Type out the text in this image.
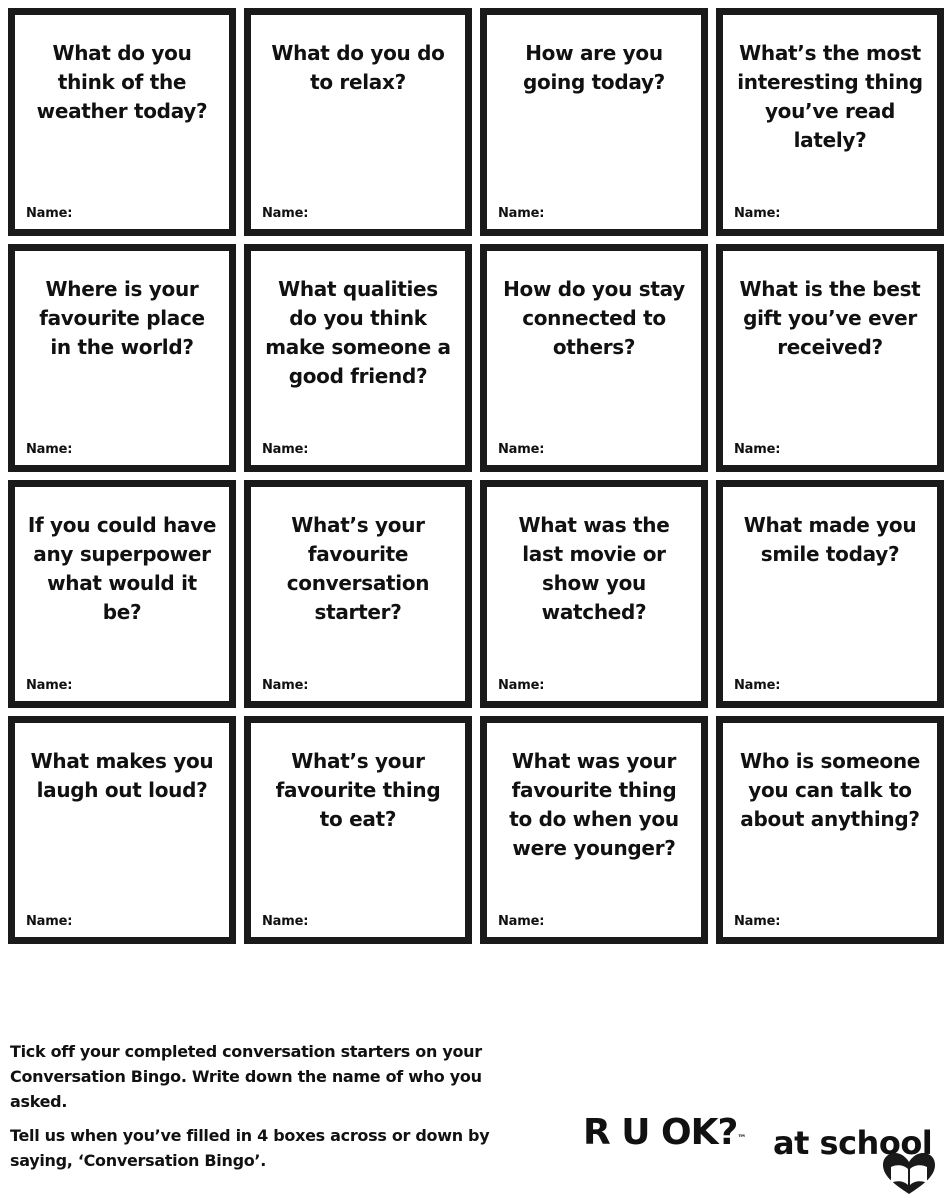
What do you think of the weather today?

Name:

What do you do to relax?

Name:

How are you going today?

Name:

What’s the most interesting thing you’ve read lately?

Name:

Where is your favourite place in the world?

Name:

What qualities do you think make someone a good friend?

Name:

How do you stay connected to others?

Name:

What is the best gift you’ve ever received?

Name:

If you could have any superpower what would it be?

Name:

What’s your favourite conversation starter?

Name:

What was the last movie or show you watched?

Name:

What made you smile today?

Name:

What makes you laugh out loud?

Name:

What’s your favourite thing to eat?

Name:

What was your favourite thing to do when you were younger?

Name:

Who is someone you can talk to about anything?

Name:

Tick off your completed conversation starters on your Conversation Bingo. Write down the name of who you asked.

Tell us when you’ve filled in 4 boxes across or down by saying, ‘Conversation Bingo’.

R U OK?™ at school
